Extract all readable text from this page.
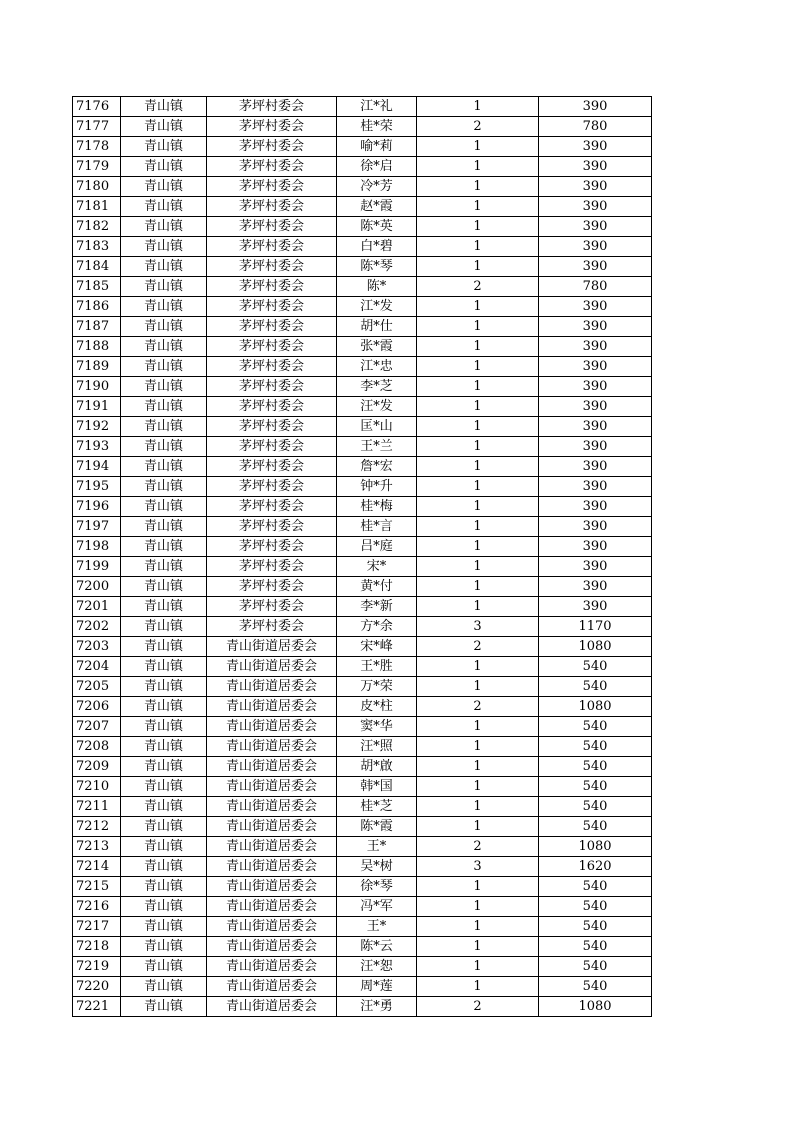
7176	青山镇	茅坪村委会	江*礼	1	390
7177	青山镇	茅坪村委会	桂*荣	2	780
7178	青山镇	茅坪村委会	喻*莉	1	390
7179	青山镇	茅坪村委会	徐*启	1	390
7180	青山镇	茅坪村委会	冷*芳	1	390
7181	青山镇	茅坪村委会	赵*霞	1	390
7182	青山镇	茅坪村委会	陈*英	1	390
7183	青山镇	茅坪村委会	白*碧	1	390
7184	青山镇	茅坪村委会	陈*琴	1	390
7185	青山镇	茅坪村委会	陈*	2	780
7186	青山镇	茅坪村委会	江*发	1	390
7187	青山镇	茅坪村委会	胡*仕	1	390
7188	青山镇	茅坪村委会	张*霞	1	390
7189	青山镇	茅坪村委会	江*忠	1	390
7190	青山镇	茅坪村委会	李*芝	1	390
7191	青山镇	茅坪村委会	汪*发	1	390
7192	青山镇	茅坪村委会	匡*山	1	390
7193	青山镇	茅坪村委会	王*兰	1	390
7194	青山镇	茅坪村委会	詹*宏	1	390
7195	青山镇	茅坪村委会	钟*升	1	390
7196	青山镇	茅坪村委会	桂*梅	1	390
7197	青山镇	茅坪村委会	桂*言	1	390
7198	青山镇	茅坪村委会	吕*庭	1	390
7199	青山镇	茅坪村委会	宋*	1	390
7200	青山镇	茅坪村委会	黄*付	1	390
7201	青山镇	茅坪村委会	李*新	1	390
7202	青山镇	茅坪村委会	方*余	3	1170
7203	青山镇	青山街道居委会	宋*峰	2	1080
7204	青山镇	青山街道居委会	王*胜	1	540
7205	青山镇	青山街道居委会	万*荣	1	540
7206	青山镇	青山街道居委会	皮*柱	2	1080
7207	青山镇	青山街道居委会	窦*华	1	540
7208	青山镇	青山街道居委会	汪*照	1	540
7209	青山镇	青山街道居委会	胡*啟	1	540
7210	青山镇	青山街道居委会	韩*国	1	540
7211	青山镇	青山街道居委会	桂*芝	1	540
7212	青山镇	青山街道居委会	陈*霞	1	540
7213	青山镇	青山街道居委会	王*	2	1080
7214	青山镇	青山街道居委会	吴*树	3	1620
7215	青山镇	青山街道居委会	徐*琴	1	540
7216	青山镇	青山街道居委会	冯*军	1	540
7217	青山镇	青山街道居委会	王*	1	540
7218	青山镇	青山街道居委会	陈*云	1	540
7219	青山镇	青山街道居委会	汪*恕	1	540
7220	青山镇	青山街道居委会	周*莲	1	540
7221	青山镇	青山街道居委会	汪*勇	2	1080
